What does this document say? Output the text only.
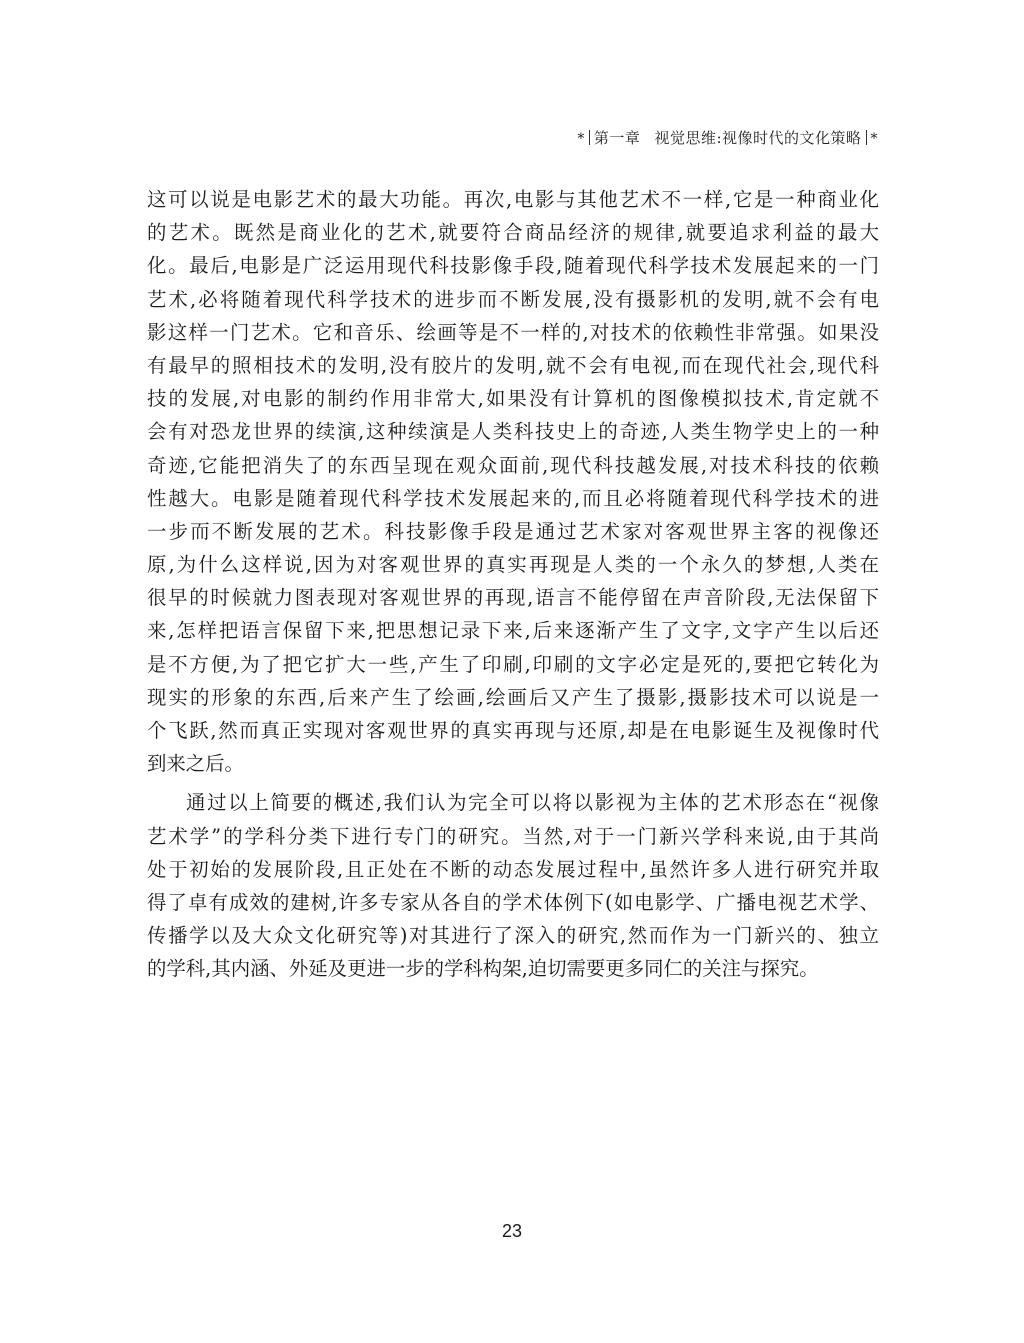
* 第一章 视觉思维:视像时代的文化策略 *
这可以说是电影艺术的最大功能。再次,电影与其他艺术不一样,它是一种商业化
的艺术。既然是商业化的艺术,就要符合商品经济的规律,就要追求利益的最大
化。最后,电影是广泛运用现代科技影像手段,随着现代科学技术发展起来的一门
艺术,必将随着现代科学技术的进步而不断发展,没有摄影机的发明,就不会有电
影这样一门艺术。它和音乐、绘画等是不一样的,对技术的依赖性非常强。如果没
有最早的照相技术的发明,没有胶片的发明,就不会有电视,而在现代社会,现代科
技的发展,对电影的制约作用非常大,如果没有计算机的图像模拟技术,肯定就不
会有对恐龙世界的续演,这种续演是人类科技史上的奇迹,人类生物学史上的一种
奇迹,它能把消失了的东西呈现在观众面前,现代科技越发展,对技术科技的依赖
性越大。电影是随着现代科学技术发展起来的,而且必将随着现代科学技术的进
一步而不断发展的艺术。科技影像手段是通过艺术家对客观世界主客的视像还
原,为什么这样说,因为对客观世界的真实再现是人类的一个永久的梦想,人类在
很早的时候就力图表现对客观世界的再现,语言不能停留在声音阶段,无法保留下
来,怎样把语言保留下来,把思想记录下来,后来逐渐产生了文字,文字产生以后还
是不方便,为了把它扩大一些,产生了印刷,印刷的文字必定是死的,要把它转化为
现实的形象的东西,后来产生了绘画,绘画后又产生了摄影,摄影技术可以说是一
个飞跃,然而真正实现对客观世界的真实再现与还原,却是在电影诞生及视像时代
到来之后。
通过以上简要的概述,我们认为完全可以将以影视为主体的艺术形态在“视像
艺术学”的学科分类下进行专门的研究。当然,对于一门新兴学科来说,由于其尚
处于初始的发展阶段,且正处在不断的动态发展过程中,虽然许多人进行研究并取
得了卓有成效的建树,许多专家从各自的学术体例下(如电影学、广播电视艺术学、
传播学以及大众文化研究等)对其进行了深入的研究,然而作为一门新兴的、独立
的学科,其内涵、外延及更进一步的学科构架,迫切需要更多同仁的关注与探究。
23
